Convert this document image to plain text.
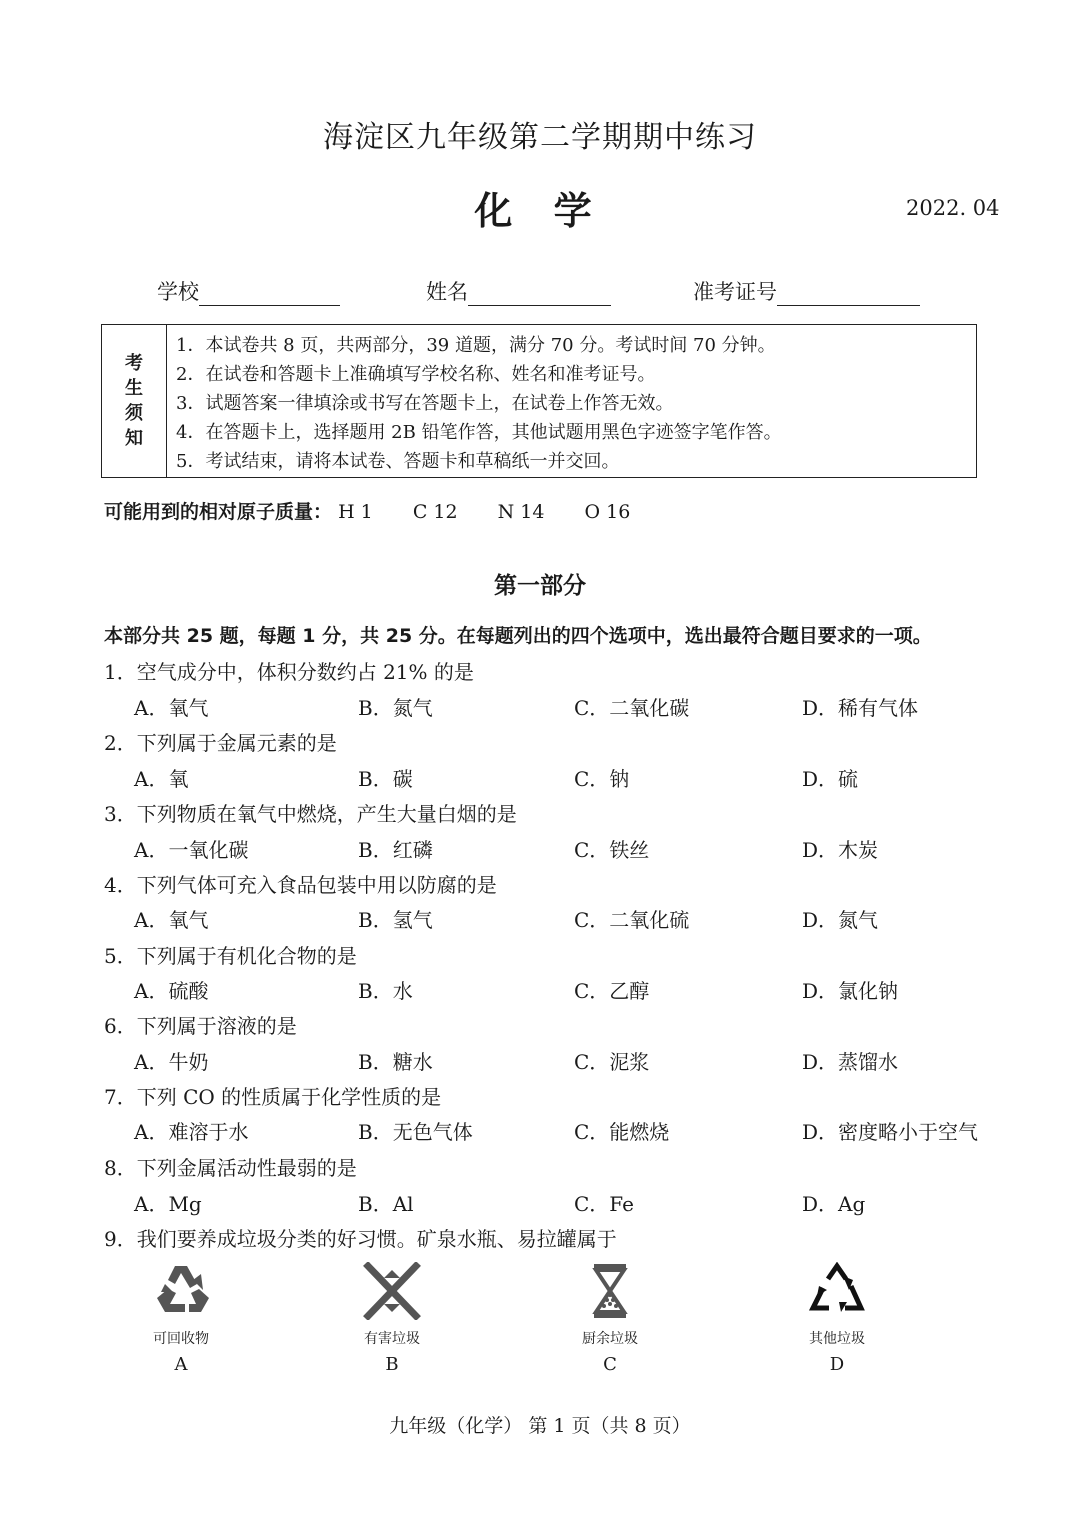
海淀区九年级第二学期期中练习
化 学	2022. 04
学校	姓名	准考证号
考
生
须
知
1．本试卷共 8 页，共两部分，39 道题，满分 70 分。考试时间 70 分钟。
2．在试卷和答题卡上准确填写学校名称、姓名和准考证号。
3．试题答案一律填涂或书写在答题卡上，在试卷上作答无效。
4．在答题卡上，选择题用 2B 铅笔作答，其他试题用黑色字迹签字笔作答。
5．考试结束，请将本试卷、答题卡和草稿纸一并交回。
可能用到的相对原子质量： H 1 C 12 N 14 O 16
第一部分
本部分共 25 题，每题 1 分，共 25 分。在每题列出的四个选项中，选出最符合题目要求的一项。
1．空气成分中，体积分数约占 21% 的是
A．氧气	B．氮气	C．二氧化碳	D．稀有气体
2．下列属于金属元素的是
A．氧	B．碳	C．钠	D．硫
3．下列物质在氧气中燃烧，产生大量白烟的是
A．一氧化碳	B．红磷	C．铁丝	D．木炭
4．下列气体可充入食品包装中用以防腐的是
A．氧气	B．氢气	C．二氧化硫	D．氮气
5．下列属于有机化合物的是
A．硫酸	B．水	C．乙醇	D．氯化钠
6．下列属于溶液的是
A．牛奶	B．糖水	C．泥浆	D．蒸馏水
7．下列 CO 的性质属于化学性质的是
A．难溶于水	B．无色气体	C．能燃烧	D．密度略小于空气
8．下列金属活动性最弱的是
A．Mg	B．Al	C．Fe	D．Ag
9．我们要养成垃圾分类的好习惯。矿泉水瓶、易拉罐属于
可回收物
A
有害垃圾
B
厨余垃圾
C
其他垃圾
D
九年级（化学） 第 1 页（共 8 页）
